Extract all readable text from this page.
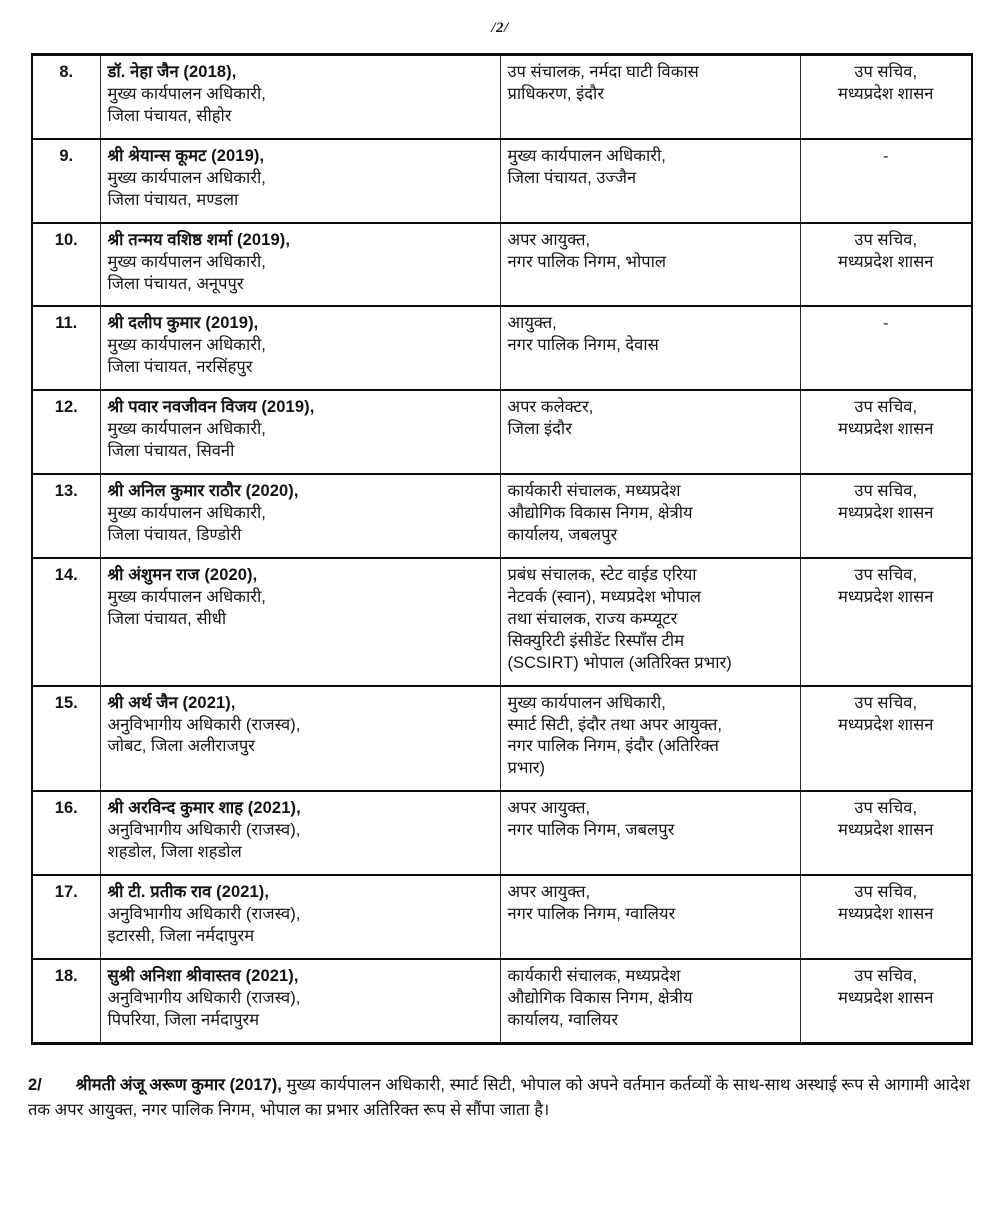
/2/
8.	डॉ. नेहा जैन (2018),
मुख्य कार्यपालन अधिकारी,
जिला पंचायत, सीहोर	उप संचालक, नर्मदा घाटी विकास
प्राधिकरण, इंदौर	उप सचिव,
मध्यप्रदेश शासन

9.	श्री श्रेयान्स कूमट (2019),
मुख्य कार्यपालन अधिकारी,
जिला पंचायत, मण्डला	मुख्य कार्यपालन अधिकारी,
जिला पंचायत, उज्जैन	-

10.	श्री तन्मय वशिष्ठ शर्मा (2019),
मुख्य कार्यपालन अधिकारी,
जिला पंचायत, अनूपपुर	अपर आयुक्त,
नगर पालिक निगम, भोपाल	उप सचिव,
मध्यप्रदेश शासन

11.	श्री दलीप कुमार (2019),
मुख्य कार्यपालन अधिकारी,
जिला पंचायत, नरसिंहपुर	आयुक्त,
नगर पालिक निगम, देवास	-

12.	श्री पवार नवजीवन विजय (2019),
मुख्य कार्यपालन अधिकारी,
जिला पंचायत, सिवनी	अपर कलेक्टर,
जिला इंदौर	उप सचिव,
मध्यप्रदेश शासन

13.	श्री अनिल कुमार राठौर (2020),
मुख्य कार्यपालन अधिकारी,
जिला पंचायत, डिण्डोरी	कार्यकारी संचालक, मध्यप्रदेश
औद्योगिक विकास निगम, क्षेत्रीय
कार्यालय, जबलपुर	उप सचिव,
मध्यप्रदेश शासन

14.	श्री अंशुमन राज (2020),
मुख्य कार्यपालन अधिकारी,
जिला पंचायत, सीधी	प्रबंध संचालक, स्टेट वाईड एरिया
नेटवर्क (स्वान), मध्यप्रदेश भोपाल
तथा संचालक, राज्य कम्प्यूटर
सिक्युरिटी इंसीडेंट रिस्पॉंस टीम
(SCSIRT) भोपाल (अतिरिक्त प्रभार)	उप सचिव,
मध्यप्रदेश शासन

15.	श्री अर्थ जैन (2021),
अनुविभागीय अधिकारी (राजस्व),
जोबट, जिला अलीराजपुर	मुख्य कार्यपालन अधिकारी,
स्मार्ट सिटी, इंदौर तथा अपर आयुक्त,
नगर पालिक निगम, इंदौर (अतिरिक्त
प्रभार)	उप सचिव,
मध्यप्रदेश शासन

16.	श्री अरविन्द कुमार शाह (2021),
अनुविभागीय अधिकारी (राजस्व),
शहडोल, जिला शहडोल	अपर आयुक्त,
नगर पालिक निगम, जबलपुर	उप सचिव,
मध्यप्रदेश शासन

17.	श्री टी. प्रतीक राव (2021),
अनुविभागीय अधिकारी (राजस्व),
इटारसी, जिला नर्मदापुरम	अपर आयुक्त,
नगर पालिक निगम, ग्वालियर	उप सचिव,
मध्यप्रदेश शासन

18.	सुश्री अनिशा श्रीवास्तव (2021),
अनुविभागीय अधिकारी (राजस्व),
पिपरिया, जिला नर्मदापुरम	कार्यकारी संचालक, मध्यप्रदेश
औद्योगिक विकास निगम, क्षेत्रीय
कार्यालय, ग्वालियर	उप सचिव,
मध्यप्रदेश शासन
2/ श्रीमती अंजू अरूण कुमार (2017), मुख्य कार्यपालन अधिकारी, स्मार्ट सिटी, भोपाल को अपने वर्तमान कर्तव्यों के साथ-साथ अस्थाई रूप से आगामी आदेश तक अपर आयुक्त, नगर पालिक निगम, भोपाल का प्रभार अतिरिक्त रूप से सौंपा जाता है।
